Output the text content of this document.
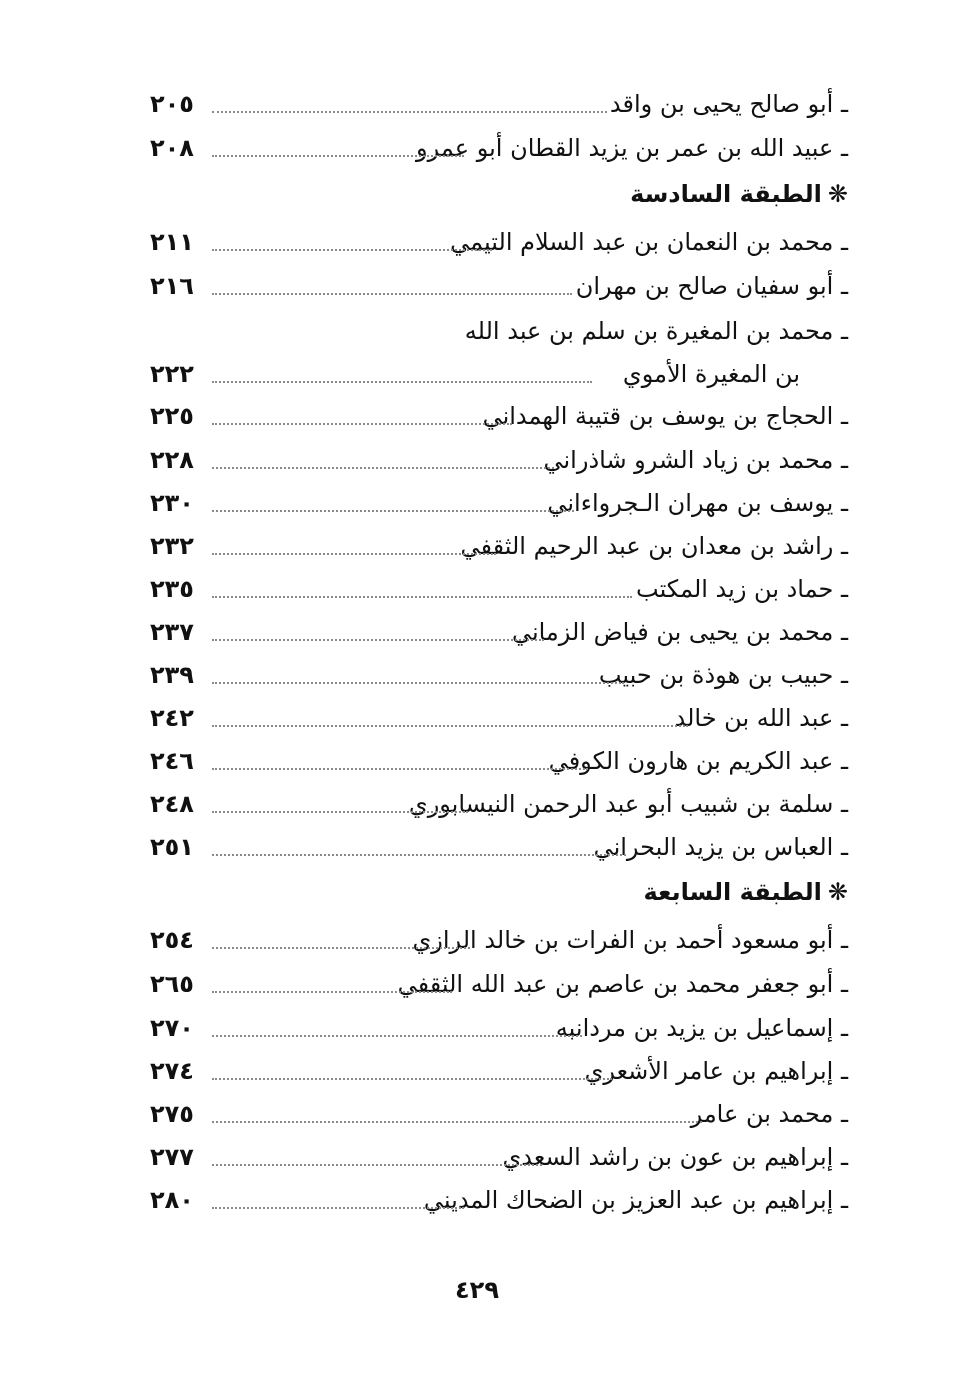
ـ أبو صالح يحيى بن واقد
٢٠٥
ـ عبيد الله بن عمر بن يزيد القطان أبو عمرو
٢٠٨
❋الطبقة السادسة
ـ محمد بن النعمان بن عبد السلام التيمي
٢١١
ـ أبو سفيان صالح بن مهران
٢١٦
ـ محمد بن المغيرة بن سلم بن عبد الله
بن المغيرة الأموي
٢٢٢
ـ الحجاج بن يوسف بن قتيبة الهمداني
٢٢٥
ـ محمد بن زياد الشرو شاذراني
٢٢٨
ـ يوسف بن مهران الـجرواءاني
٢٣٠
ـ راشد بن معدان بن عبد الرحيم الثقفي
٢٣٢
ـ حماد بن زيد المكتب
٢٣٥
ـ محمد بن يحيى بن فياض الزماني
٢٣٧
ـ حبيب بن هوذة بن حبيب
٢٣٩
ـ عبد الله بن خالد
٢٤٢
ـ عبد الكريم بن هارون الكوفي
٢٤٦
ـ سلمة بن شبيب أبو عبد الرحمن النيسابوري
٢٤٨
ـ العباس بن يزيد البحراني
٢٥١
❋الطبقة السابعة
ـ أبو مسعود أحمد بن الفرات بن خالد الرازي
٢٥٤
ـ أبو جعفر محمد بن عاصم بن عبد الله الثقفي
٢٦٥
ـ إسماعيل بن يزيد بن مردانبه
٢٧٠
ـ إبراهيم بن عامر الأشعري
٢٧٤
ـ محمد بن عامر
٢٧٥
ـ إبراهيم بن عون بن راشد السعدي
٢٧٧
ـ إبراهيم بن عبد العزيز بن الضحاك المديني
٢٨٠
٤٢٩
